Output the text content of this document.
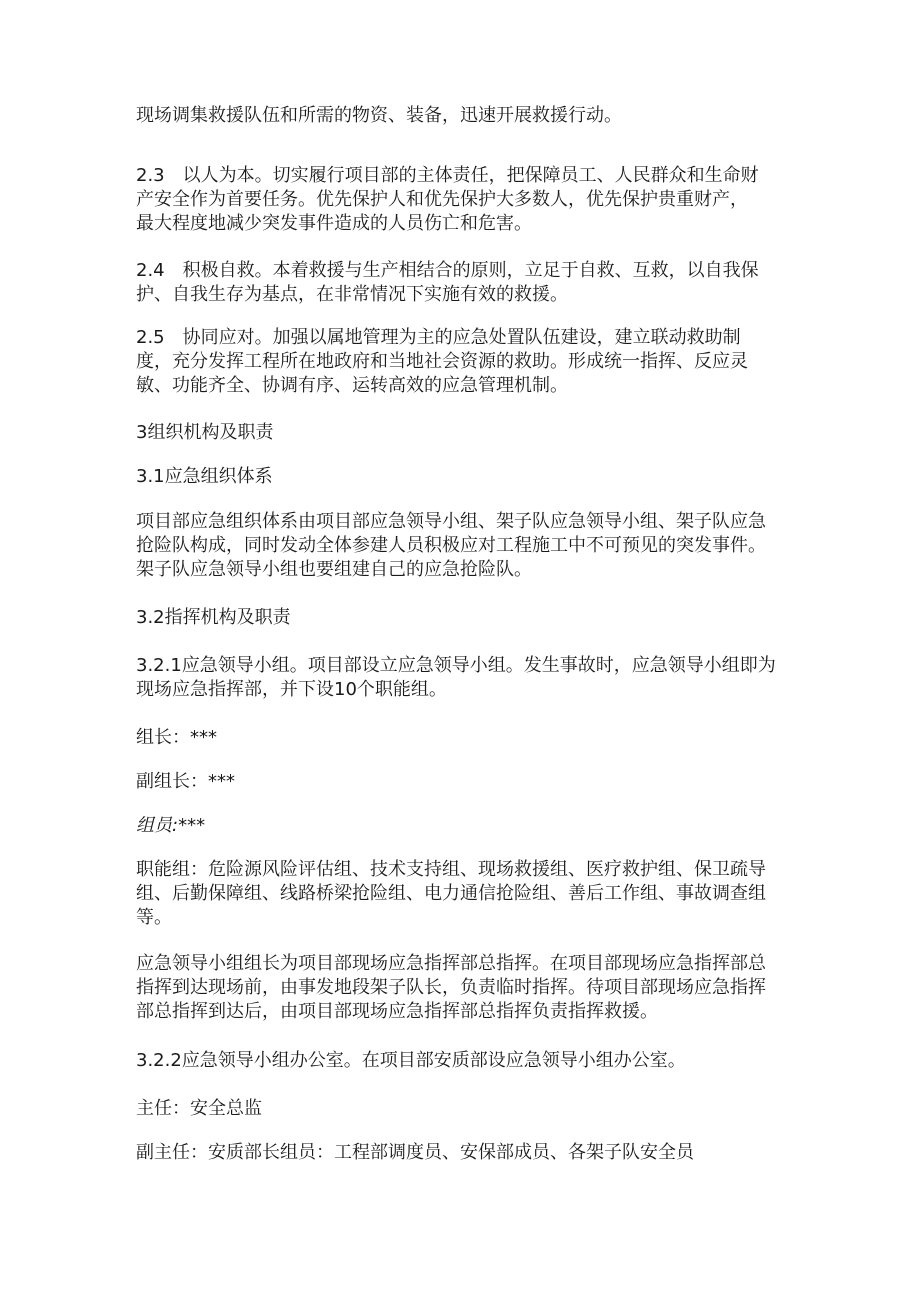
现场调集救援队伍和所需的物资、装备，迅速开展救援行动。
2.3　以人为本。切实履行项目部的主体责任，把保障员工、人民群众和生命财
产安全作为首要任务。优先保护人和优先保护大多数人，优先保护贵重财产，
最大程度地减少突发事件造成的人员伤亡和危害。
2.4　积极自救。本着救援与生产相结合的原则，立足于自救、互救，以自我保
护、自我生存为基点，在非常情况下实施有效的救援。
2.5　协同应对。加强以属地管理为主的应急处置队伍建设，建立联动救助制
度，充分发挥工程所在地政府和当地社会资源的救助。形成统一指挥、反应灵
敏、功能齐全、协调有序、运转高效的应急管理机制。
3组织机构及职责
3.1应急组织体系
项目部应急组织体系由项目部应急领导小组、架子队应急领导小组、架子队应急
抢险队构成，同时发动全体参建人员积极应对工程施工中不可预见的突发事件。
架子队应急领导小组也要组建自己的应急抢险队。
3.2指挥机构及职责
3.2.1应急领导小组。项目部设立应急领导小组。发生事故时，应急领导小组即为
现场应急指挥部，并下设10个职能组。
组长：***
副组长：***
组员:***
职能组：危险源风险评估组、技术支持组、现场救援组、医疗救护组、保卫疏导
组、后勤保障组、线路桥梁抢险组、电力通信抢险组、善后工作组、事故调查组
等。
应急领导小组组长为项目部现场应急指挥部总指挥。在项目部现场应急指挥部总
指挥到达现场前，由事发地段架子队长，负责临时指挥。待项目部现场应急指挥
部总指挥到达后，由项目部现场应急指挥部总指挥负责指挥救援。
3.2.2应急领导小组办公室。在项目部安质部设应急领导小组办公室。
主任：安全总监
副主任：安质部长组员：工程部调度员、安保部成员、各架子队安全员
